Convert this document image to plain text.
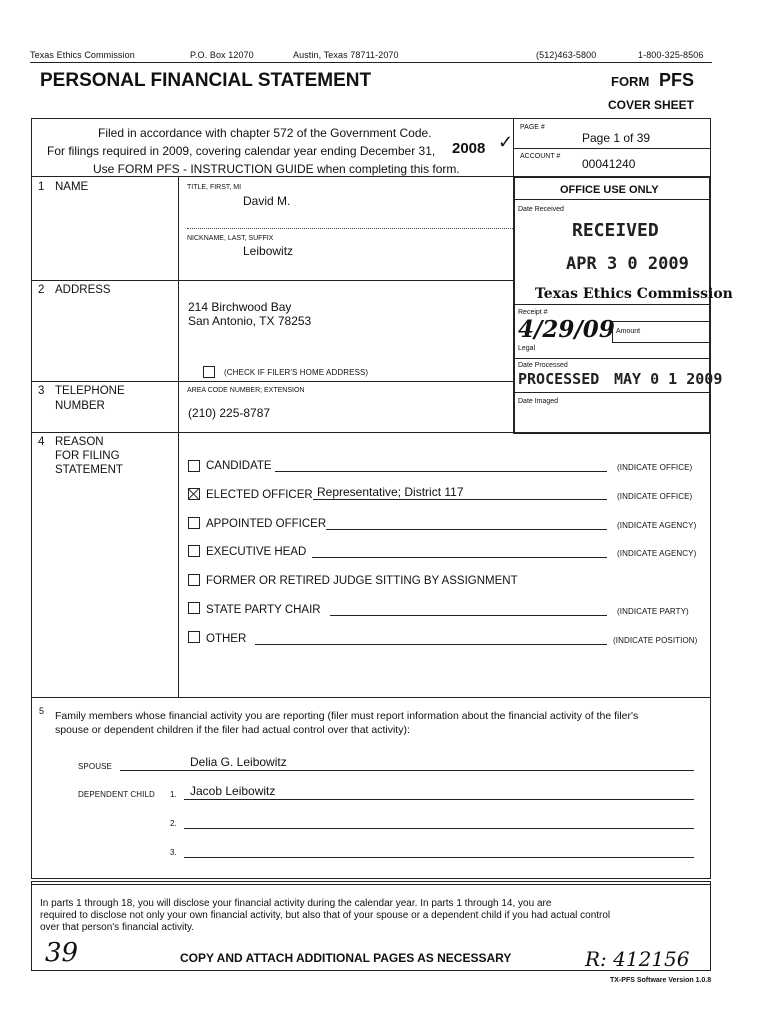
Texas Ethics Commission	P.O. Box 12070	Austin, Texas 78711-2070	(512)463-5800	1-800-325-8506
PERSONAL FINANCIAL STATEMENT	FORM PFS
COVER SHEET
Filed in accordance with chapter 572 of the Government Code.
For filings required in 2009, covering calendar year ending December 31, 2008 ✓
Use FORM PFS - INSTRUCTION GUIDE when completing this form.
PAGE #
Page 1 of 39
ACCOUNT #
00041240
OFFICE USE ONLY
Date Received
RECEIVED
APR 3 0 2009
Texas Ethics Commission
Receipt #
4/29/09 Amount
Legal
Date Processed
PROCESSED MAY 0 1 2009
Date Imaged
1 NAME	TITLE, FIRST, MI
David M.
NICKNAME, LAST, SUFFIX
Leibowitz
2 ADDRESS
214 Birchwood Bay
San Antonio, TX 78253
(CHECK IF FILER'S HOME ADDRESS)
3 TELEPHONE
NUMBER
AREA CODE NUMBER; EXTENSION
(210) 225-8787
4 REASON
FOR FILING
STATEMENT	CANDIDATE	(INDICATE OFFICE)
ELECTED OFFICER Representative; District 117	(INDICATE OFFICE)
APPOINTED OFFICER	(INDICATE AGENCY)
EXECUTIVE HEAD	(INDICATE AGENCY)
FORMER OR RETIRED JUDGE SITTING BY ASSIGNMENT
STATE PARTY CHAIR	(INDICATE PARTY)
OTHER	(INDICATE POSITION)
5 Family members whose financial activity you are reporting (filer must report information about the financial activity of the filer's
spouse or dependent children if the filer had actual control over that activity):
SPOUSE	Delia G. Leibowitz
DEPENDENT CHILD 1. Jacob Leibowitz
2.
3.
In parts 1 through 18, you will disclose your financial activity during the calendar year. In parts 1 through 14, you are
required to disclose not only your own financial activity, but also that of your spouse or a dependent child if you had actual control
over that person's financial activity.
39	COPY AND ATTACH ADDITIONAL PAGES AS NECESSARY	R: 412156
TX-PFS Software Version 1.0.8
